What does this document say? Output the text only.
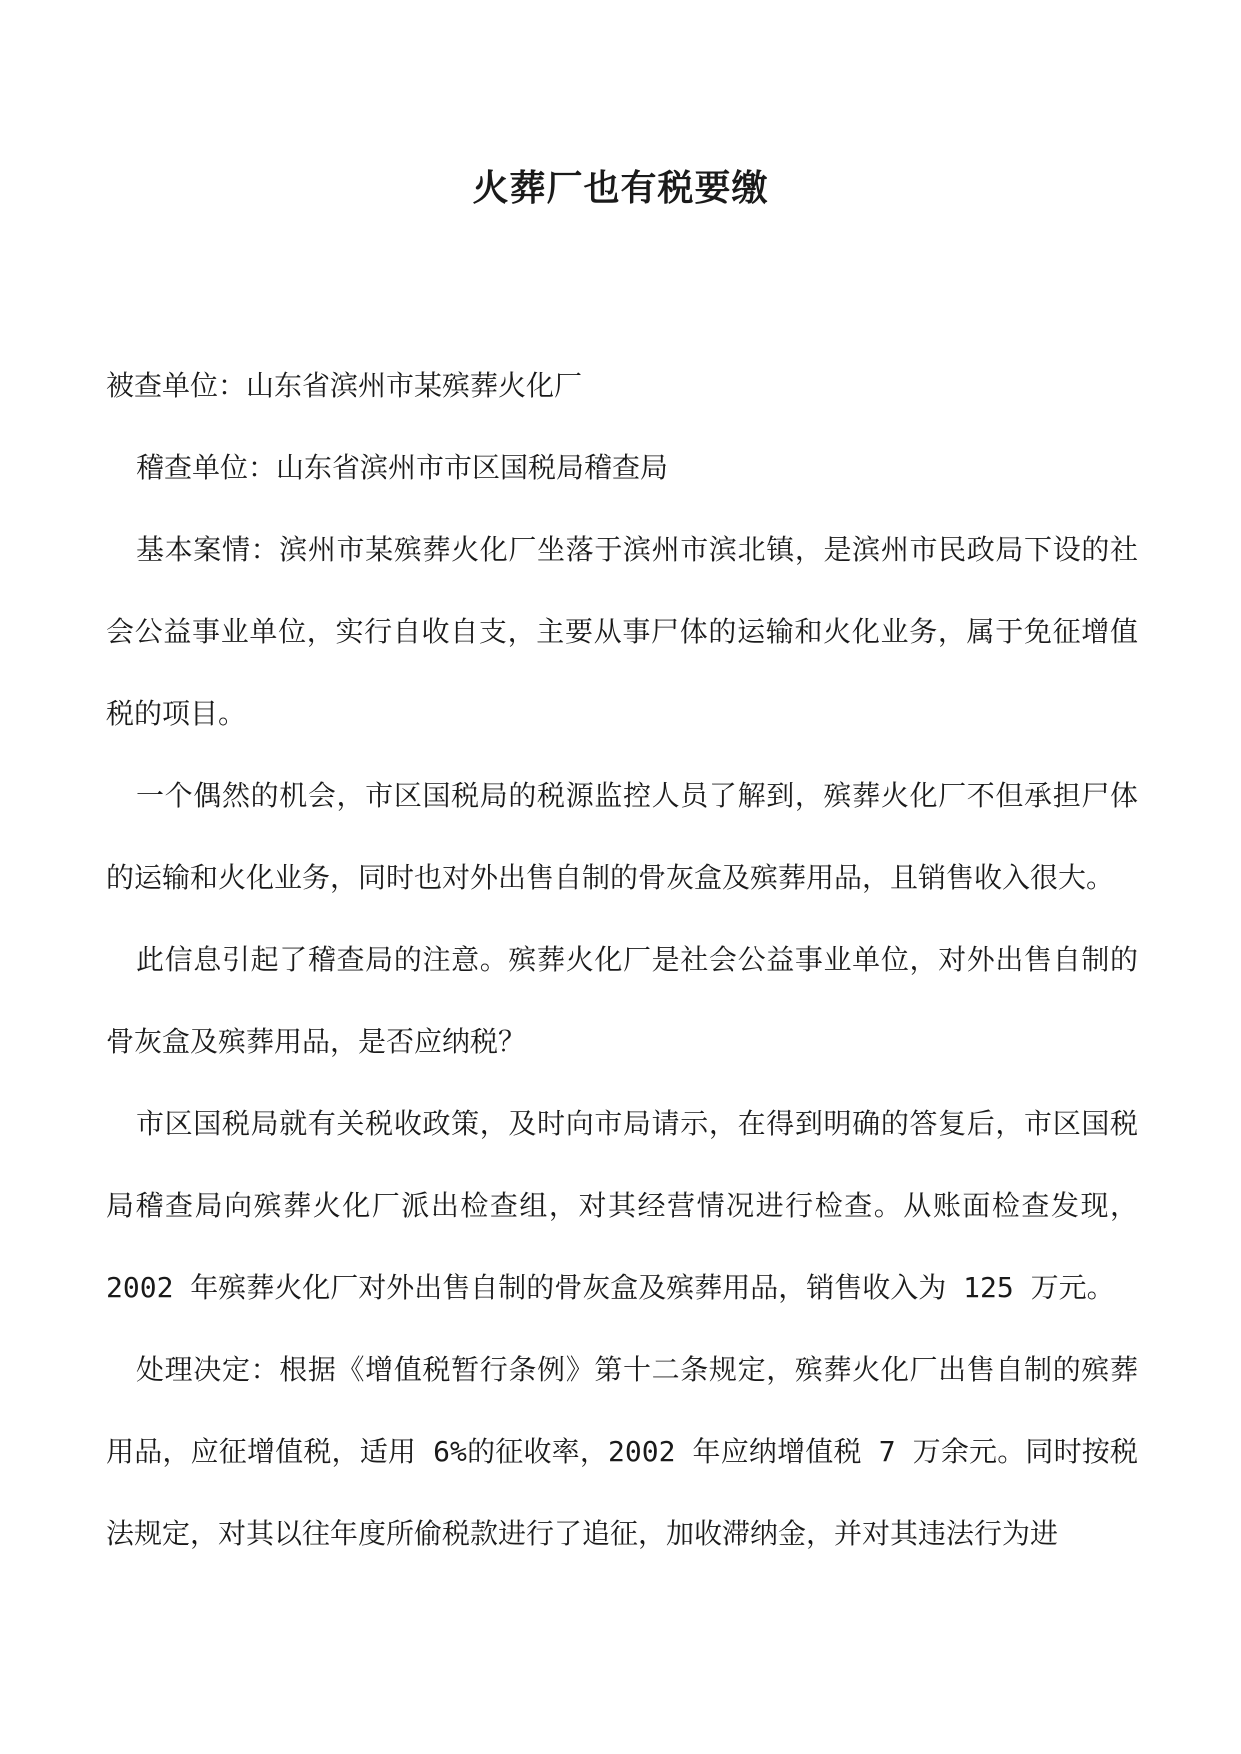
火葬厂也有税要缴

被查单位：山东省滨州市某殡葬火化厂

稽查单位：山东省滨州市市区国税局稽查局

基本案情：滨州市某殡葬火化厂坐落于滨州市滨北镇，是滨州市民政局下设的社会公益事业单位，实行自收自支，主要从事尸体的运输和火化业务，属于免征增值税的项目。

一个偶然的机会，市区国税局的税源监控人员了解到，殡葬火化厂不但承担尸体的运输和火化业务，同时也对外出售自制的骨灰盒及殡葬用品，且销售收入很大。

此信息引起了稽查局的注意。殡葬火化厂是社会公益事业单位，对外出售自制的骨灰盒及殡葬用品，是否应纳税？

市区国税局就有关税收政策，及时向市局请示，在得到明确的答复后，市区国税局稽查局向殡葬火化厂派出检查组，对其经营情况进行检查。从账面检查发现，2002 年殡葬火化厂对外出售自制的骨灰盒及殡葬用品，销售收入为 125 万元。

处理决定：根据《增值税暂行条例》第十二条规定，殡葬火化厂出售自制的殡葬用品，应征增值税，适用 6%的征收率，2002 年应纳增值税 7 万余元。同时按税法规定，对其以往年度所偷税款进行了追征，加收滞纳金，并对其违法行为进
